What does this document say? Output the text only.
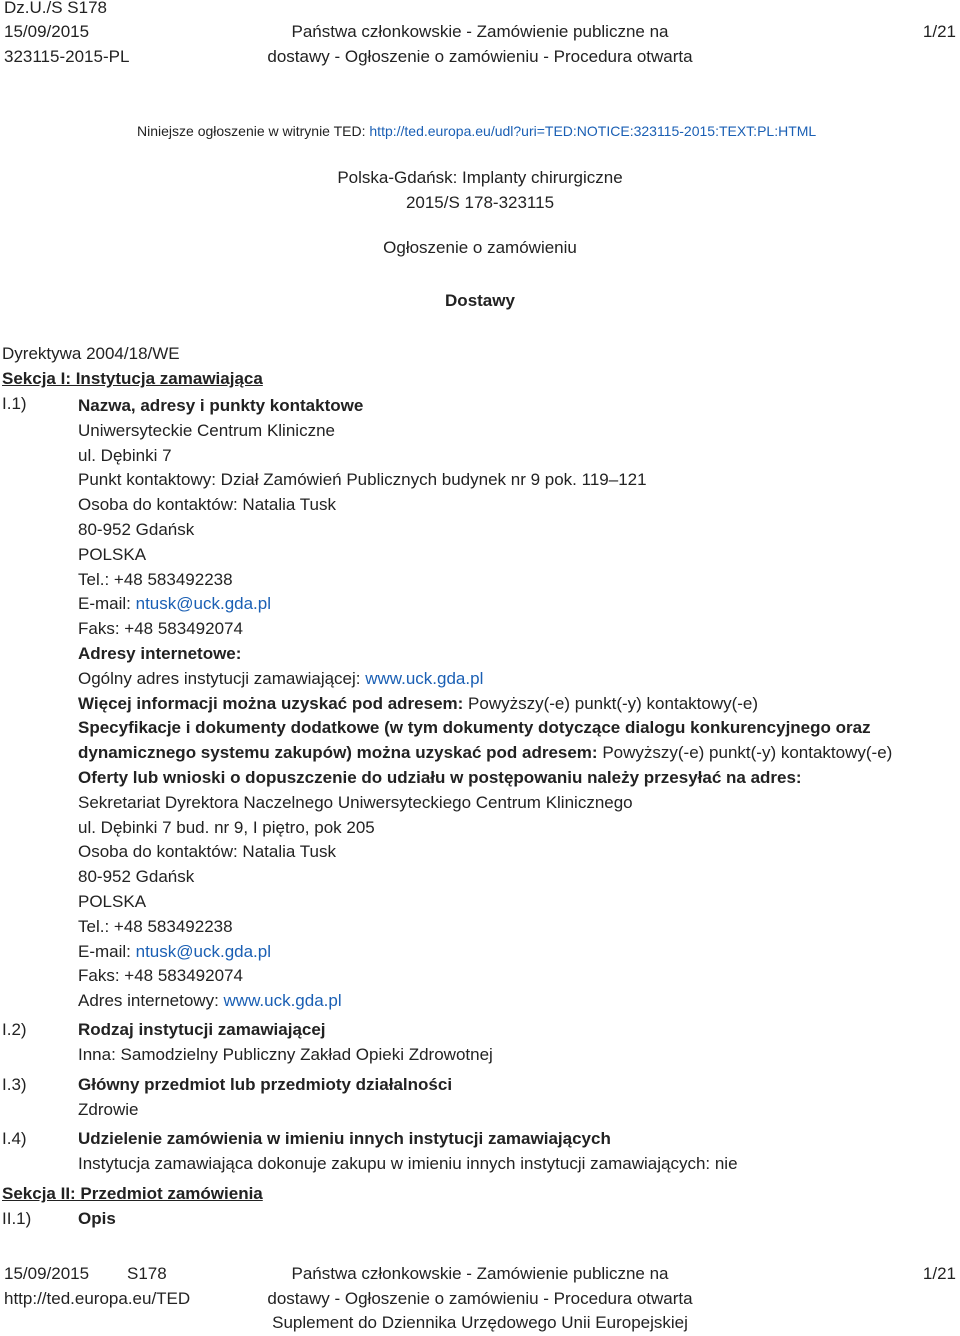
Dz.U./S S178
15/09/2015
323115-2015-PL
Państwa członkowskie - Zamówienie publiczne na
dostawy - Ogłoszenie o zamówieniu - Procedura otwarta
1/21
Niniejsze ogłoszenie w witrynie TED: http://ted.europa.eu/udl?uri=TED:NOTICE:323115-2015:TEXT:PL:HTML
Polska-Gdańsk: Implanty chirurgiczne
2015/S 178-323115
Ogłoszenie o zamówieniu
Dostawy
Dyrektywa 2004/18/WE
Sekcja I: Instytucja zamawiająca
I.1)	Nazwa, adresy i punkty kontaktowe
Uniwersyteckie Centrum Kliniczne
ul. Dębinki 7
Punkt kontaktowy: Dział Zamówień Publicznych budynek nr 9 pok. 119–121
Osoba do kontaktów: Natalia Tusk
80-952 Gdańsk
POLSKA
Tel.: +48 583492238
E-mail: ntusk@uck.gda.pl
Faks: +48 583492074
Adresy internetowe:
Ogólny adres instytucji zamawiającej: www.uck.gda.pl
Więcej informacji można uzyskać pod adresem: Powyższy(-e) punkt(-y) kontaktowy(-e)
Specyfikacje i dokumenty dodatkowe (w tym dokumenty dotyczące dialogu konkurencyjnego oraz
dynamicznego systemu zakupów) można uzyskać pod adresem: Powyższy(-e) punkt(-y) kontaktowy(-e)
Oferty lub wnioski o dopuszczenie do udziału w postępowaniu należy przesyłać na adres:
Sekretariat Dyrektora Naczelnego Uniwersyteckiego Centrum Klinicznego
ul. Dębinki 7 bud. nr 9, I piętro, pok 205
Osoba do kontaktów: Natalia Tusk
80-952 Gdańsk
POLSKA
Tel.: +48 583492238
E-mail: ntusk@uck.gda.pl
Faks: +48 583492074
Adres internetowy: www.uck.gda.pl
I.2)	Rodzaj instytucji zamawiającej
Inna: Samodzielny Publiczny Zakład Opieki Zdrowotnej
I.3)	Główny przedmiot lub przedmioty działalności
Zdrowie
I.4)	Udzielenie zamówienia w imieniu innych instytucji zamawiających
Instytucja zamawiająca dokonuje zakupu w imieniu innych instytucji zamawiających: nie
Sekcja II: Przedmiot zamówienia
II.1)	Opis
15/09/2015 S178
http://ted.europa.eu/TED
Państwa członkowskie - Zamówienie publiczne na
dostawy - Ogłoszenie o zamówieniu - Procedura otwarta
Suplement do Dziennika Urzędowego Unii Europejskiej
1/21
